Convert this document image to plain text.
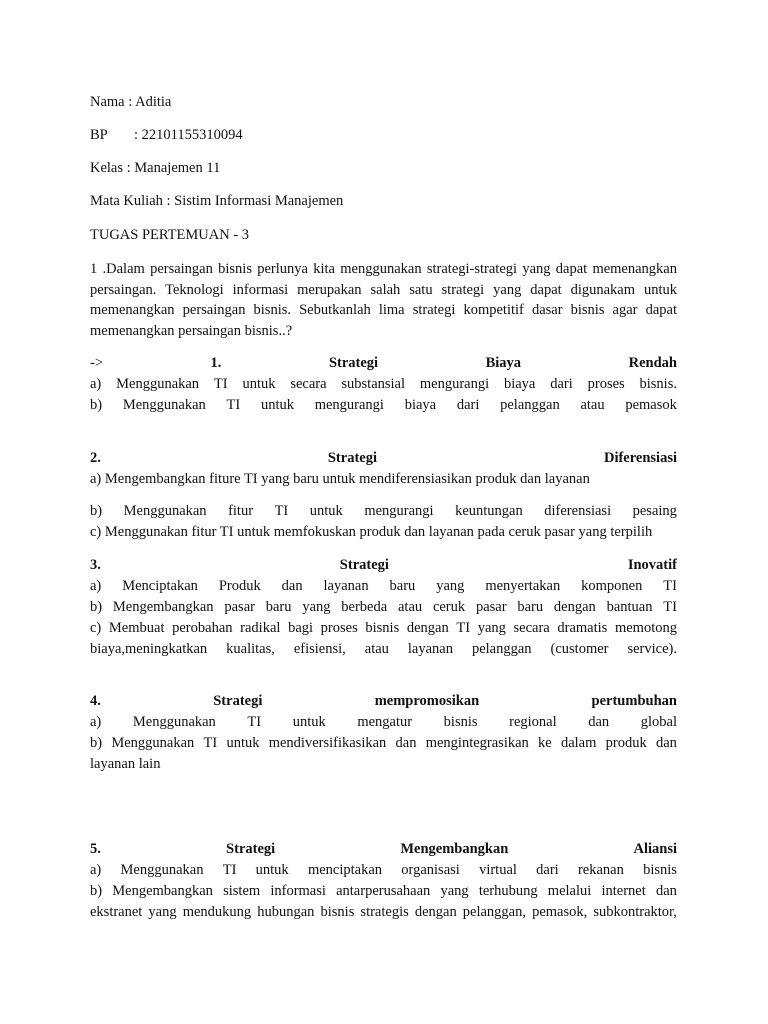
Nama : Aditia
BP : 22101155310094
Kelas : Manajemen 11
Mata Kuliah : Sistim Informasi Manajemen
TUGAS PERTEMUAN - 3
1 .Dalam persaingan bisnis perlunya kita menggunakan strategi-strategi yang dapat memenangkan persaingan. Teknologi informasi merupakan salah satu strategi yang dapat digunakam untuk memenangkan persaingan bisnis. Sebutkanlah lima strategi kompetitif dasar bisnis agar dapat memenangkan persaingan bisnis..?
->	1.	Strategi	Biaya	Rendah
a) Menggunakan TI untuk secara substansial mengurangi biaya dari proses bisnis.
b) Menggunakan TI untuk mengurangi biaya dari pelanggan atau pemasok
2.	Strategi	Diferensiasi
a) Mengembangkan fiture TI yang baru untuk mendiferensiasikan produk dan layanan
b) Menggunakan fitur TI untuk mengurangi keuntungan diferensiasi pesaing
c) Menggunakan fitur TI untuk memfokuskan produk dan layanan pada ceruk pasar yang terpilih
3.	Strategi	Inovatif
a) Menciptakan Produk dan layanan baru yang menyertakan komponen TI
b) Mengembangkan pasar baru yang berbeda atau ceruk pasar baru dengan bantuan TI
c) Membuat perobahan radikal bagi proses bisnis dengan TI yang secara dramatis memotong
biaya,meningkatkan kualitas, efisiensi, atau layanan pelanggan (customer service).
4.	Strategi	mempromosikan	pertumbuhan
a) Menggunakan TI untuk mengatur bisnis regional dan global
b) Menggunakan TI untuk mendiversifikasikan dan mengintegrasikan ke dalam produk dan
layanan lain
5.	Strategi	Mengembangkan	Aliansi
a) Menggunakan TI untuk menciptakan organisasi virtual dari rekanan bisnis
b) Mengembangkan sistem informasi antarperusahaan yang terhubung melalui internet dan
ekstranet yang mendukung hubungan bisnis strategis dengan pelanggan, pemasok, subkontraktor,
